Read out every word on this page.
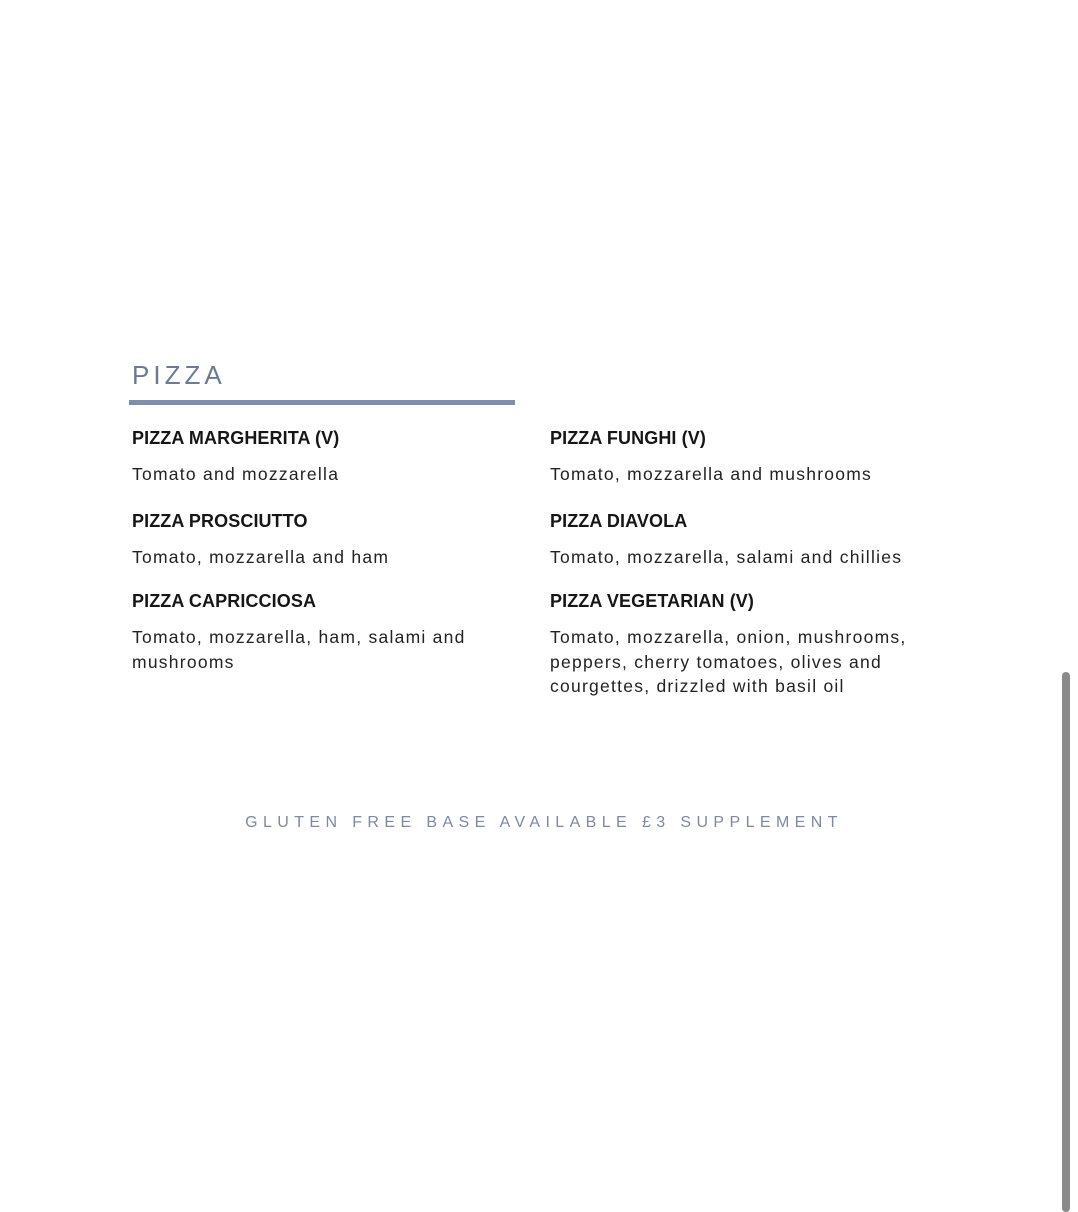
PIZZA

PIZZA MARGHERITA (V)

Tomato and mozzarella

PIZZA FUNGHI (V)

Tomato, mozzarella and mushrooms

PIZZA PROSCIUTTO

Tomato, mozzarella and ham

PIZZA DIAVOLA

Tomato, mozzarella, salami and chillies

PIZZA CAPRICCIOSA

Tomato, mozzarella, ham, salami and mushrooms

PIZZA VEGETARIAN (V)

Tomato, mozzarella, onion, mushrooms, peppers, cherry tomatoes, olives and courgettes, drizzled with basil oil

GLUTEN FREE BASE AVAILABLE £3 SUPPLEMENT
